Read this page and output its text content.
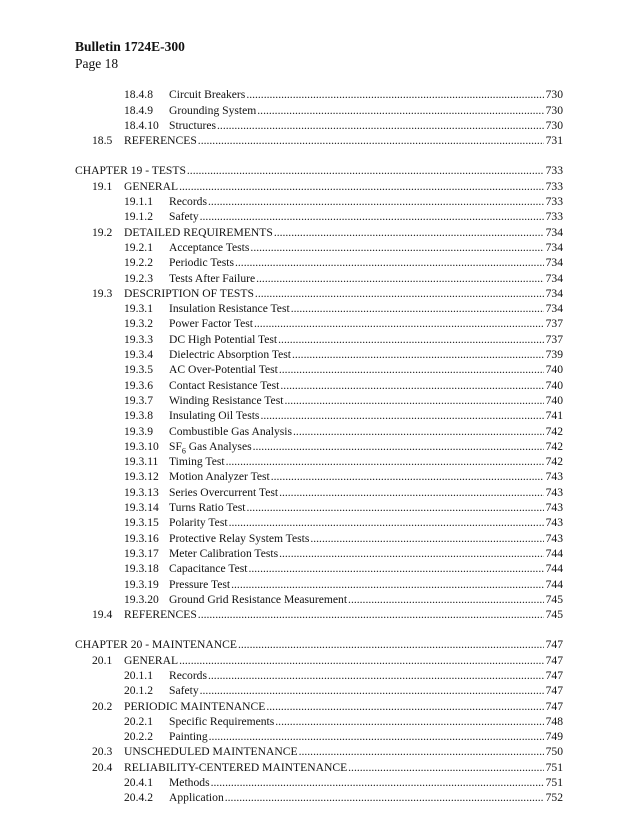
Bulletin 1724E-300
Page 18
18.4.8	Circuit Breakers .....	730
18.4.9	Grounding System .....	730
18.4.10 Structures .....	730
18.5	REFERENCES .....	731
CHAPTER 19 - TESTS .....	733
19.1	GENERAL .....	733
19.1.1	Records .....	733
19.1.2	Safety .....	733
19.2	DETAILED REQUIREMENTS .....	734
19.2.1	Acceptance Tests .....	734
19.2.2	Periodic Tests .....	734
19.2.3	Tests After Failure .....	734
19.3	DESCRIPTION OF TESTS .....	734
19.3.1	Insulation Resistance Test .....	734
19.3.2	Power Factor Test .....	737
19.3.3	DC High Potential Test .....	737
19.3.4	Dielectric Absorption Test .....	739
19.3.5	AC Over-Potential Test .....	740
19.3.6	Contact Resistance Test .....	740
19.3.7	Winding Resistance Test .....	740
19.3.8	Insulating Oil Tests .....	741
19.3.9	Combustible Gas Analysis .....	742
19.3.10 $SF_6$ Gas Analyses .....	742
19.3.11 Timing Test .....	742
19.3.12 Motion Analyzer Test .....	743
19.3.13 Series Overcurrent Test .....	743
19.3.14 Turns Ratio Test .....	743
19.3.15 Polarity Test .....	743
19.3.16 Protective Relay System Tests .....	743
19.3.17 Meter Calibration Tests .....	744
19.3.18 Capacitance Test .....	744
19.3.19 Pressure Test .....	744
19.3.20 Ground Grid Resistance Measurement .....	745
19.4	REFERENCES .....	745
CHAPTER 20 - MAINTENANCE .....	747
20.1	GENERAL .....	747
20.1.1	Records .....	747
20.1.2	Safety .....	747
20.2	PERIODIC MAINTENANCE .....	747
20.2.1	Specific Requirements .....	748
20.2.2	Painting .....	749
20.3	UNSCHEDULED MAINTENANCE .....	750
20.4	RELIABILITY-CENTERED MAINTENANCE .....	751
20.4.1	Methods .....	751
20.4.2	Application .....	752
